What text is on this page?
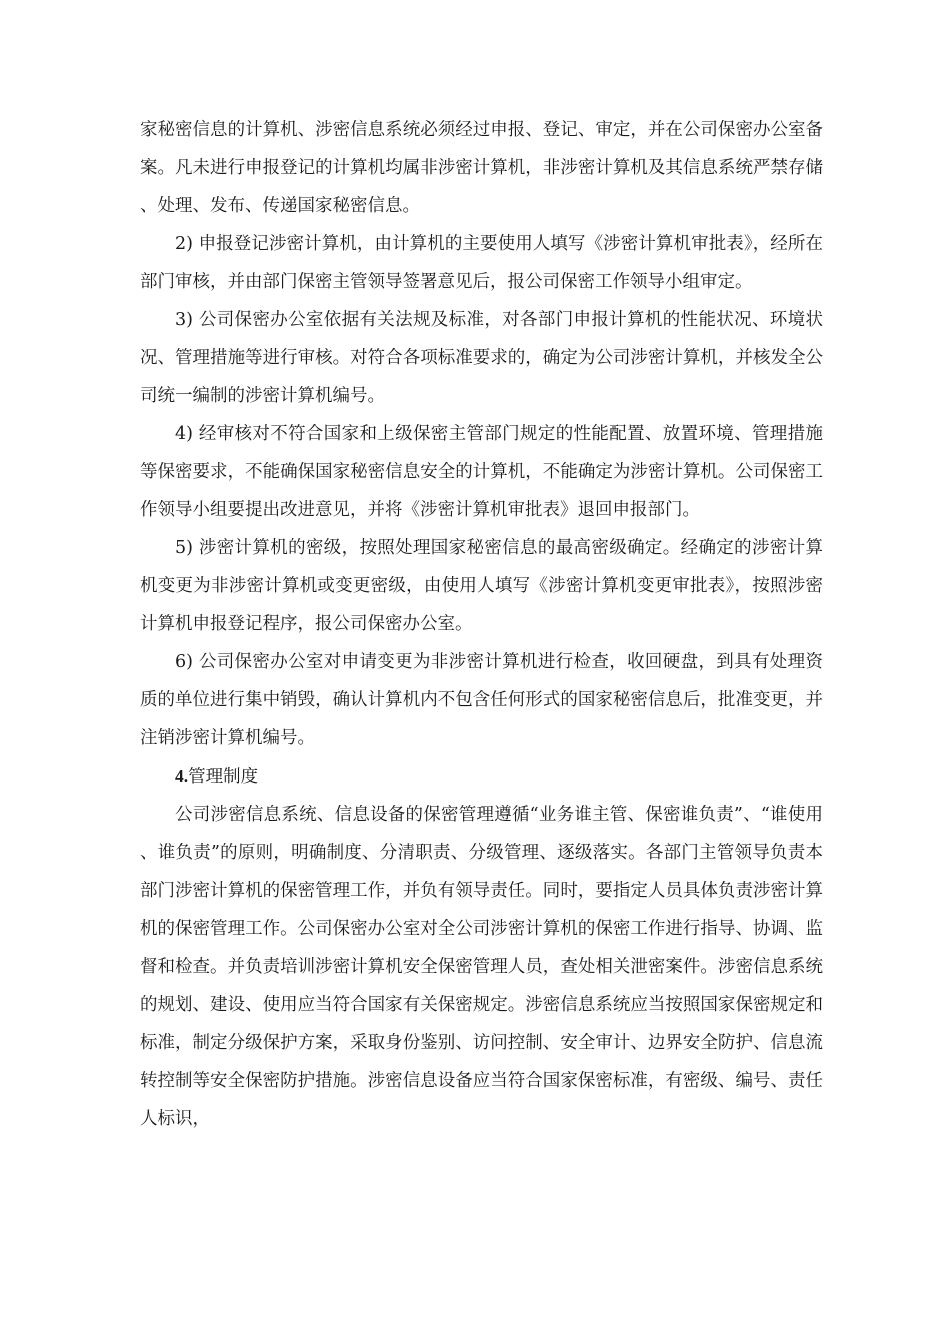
家秘密信息的计算机、涉密信息系统必须经过申报、登记、审定，并在公司保密办公室备案。凡未进行申报登记的计算机均属非涉密计算机，非涉密计算机及其信息系统严禁存储、处理、发布、传递国家秘密信息。

2) 申报登记涉密计算机，由计算机的主要使用人填写《涉密计算机审批表》，经所在部门审核，并由部门保密主管领导签署意见后，报公司保密工作领导小组审定。

3) 公司保密办公室依据有关法规及标准，对各部门申报计算机的性能状况、环境状况、管理措施等进行审核。对符合各项标准要求的，确定为公司涉密计算机，并核发全公司统一编制的涉密计算机编号。

4) 经审核对不符合国家和上级保密主管部门规定的性能配置、放置环境、管理措施等保密要求，不能确保国家秘密信息安全的计算机，不能确定为涉密计算机。公司保密工作领导小组要提出改进意见，并将《涉密计算机审批表》退回申报部门。

5) 涉密计算机的密级，按照处理国家秘密信息的最高密级确定。经确定的涉密计算机变更为非涉密计算机或变更密级，由使用人填写《涉密计算机变更审批表》，按照涉密计算机申报登记程序，报公司保密办公室。

6) 公司保密办公室对申请变更为非涉密计算机进行检查，收回硬盘，到具有处理资质的单位进行集中销毁，确认计算机内不包含任何形式的国家秘密信息后，批准变更，并注销涉密计算机编号。

4.管理制度

公司涉密信息系统、信息设备的保密管理遵循“业务谁主管、保密谁负责”、“谁使用、谁负责”的原则，明确制度、分清职责、分级管理、逐级落实。各部门主管领导负责本部门涉密计算机的保密管理工作，并负有领导责任。同时，要指定人员具体负责涉密计算机的保密管理工作。公司保密办公室对全公司涉密计算机的保密工作进行指导、协调、监督和检查。并负责培训涉密计算机安全保密管理人员，查处相关泄密案件。涉密信息系统的规划、建设、使用应当符合国家有关保密规定。涉密信息系统应当按照国家保密规定和标准，制定分级保护方案，采取身份鉴别、访问控制、安全审计、边界安全防护、信息流转控制等安全保密防护措施。涉密信息设备应当符合国家保密标准，有密级、编号、责任人标识，
